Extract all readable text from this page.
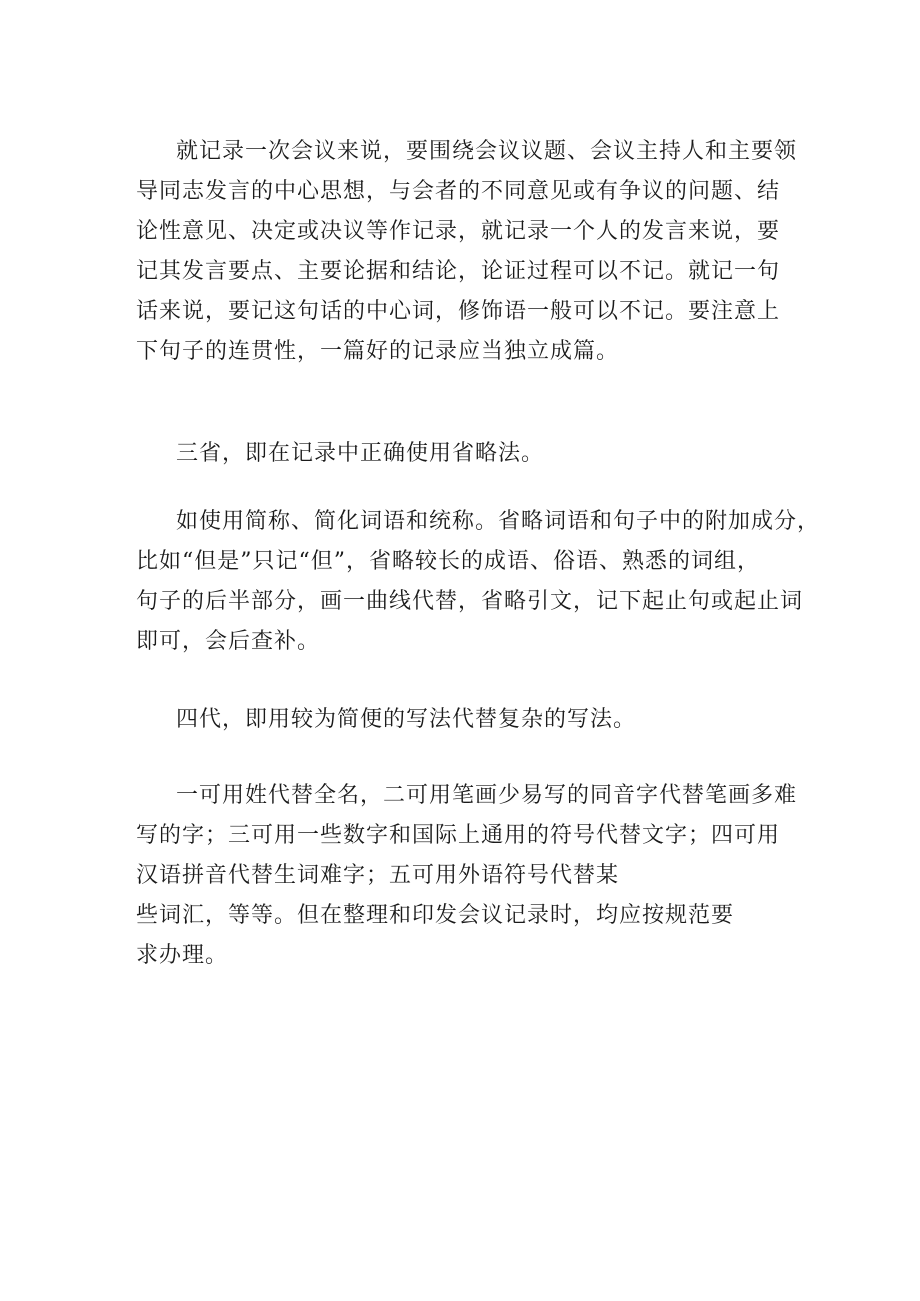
就记录一次会议来说，要围绕会议议题、会议主持人和主要领
导同志发言的中心思想，与会者的不同意见或有争议的问题、结
论性意见、决定或决议等作记录，就记录一个人的发言来说，要
记其发言要点、主要论据和结论，论证过程可以不记。就记一句
话来说，要记这句话的中心词，修饰语一般可以不记。要注意上
下句子的连贯性，一篇好的记录应当独立成篇。
三省，即在记录中正确使用省略法。
如使用简称、简化词语和统称。省略词语和句子中的附加成分，
比如“但是”只记“但”，省略较长的成语、俗语、熟悉的词组，
句子的后半部分，画一曲线代替，省略引文，记下起止句或起止词
即可，会后查补。
四代，即用较为简便的写法代替复杂的写法。
一可用姓代替全名，二可用笔画少易写的同音字代替笔画多难
写的字；三可用一些数字和国际上通用的符号代替文字；四可用
汉语拼音代替生词难字；五可用外语符号代替某
些词汇，等等。但在整理和印发会议记录时，均应按规范要
求办理。
